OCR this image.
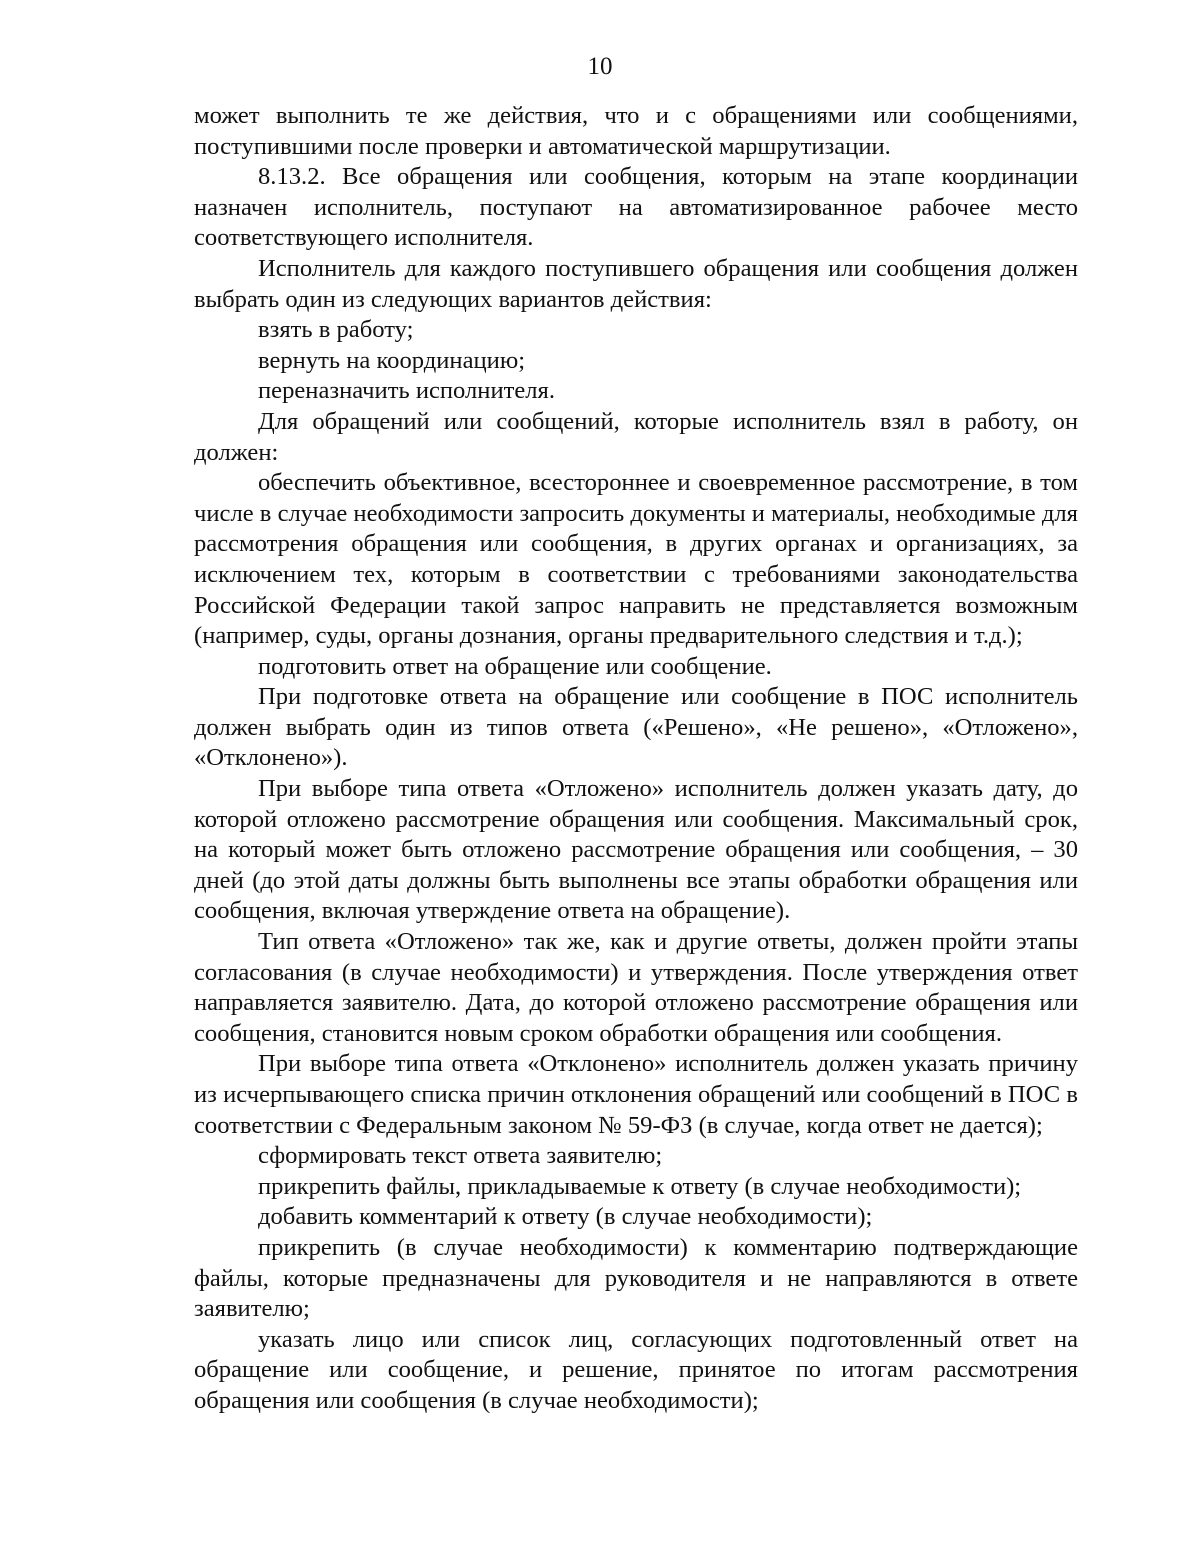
10

может выполнить те же действия, что и с обращениями или сообщениями, поступившими после проверки и автоматической маршрутизации.

8.13.2. Все обращения или сообщения, которым на этапе координации назначен исполнитель, поступают на автоматизированное рабочее место соответствующего исполнителя.

Исполнитель для каждого поступившего обращения или сообщения должен выбрать один из следующих вариантов действия:

взять в работу;

вернуть на координацию;

переназначить исполнителя.

Для обращений или сообщений, которые исполнитель взял в работу, он должен:

обеспечить объективное, всестороннее и своевременное рассмотрение, в том числе в случае необходимости запросить документы и материалы, необходимые для рассмотрения обращения или сообщения, в других органах и организациях, за исключением тех, которым в соответствии с требованиями законодательства Российской Федерации такой запрос направить не представляется возможным (например, суды, органы дознания, органы предварительного следствия и т.д.);

подготовить ответ на обращение или сообщение.

При подготовке ответа на обращение или сообщение в ПОС исполнитель должен выбрать один из типов ответа («Решено», «Не решено», «Отложено», «Отклонено»).

При выборе типа ответа «Отложено» исполнитель должен указать дату, до которой отложено рассмотрение обращения или сообщения. Максимальный срок, на который может быть отложено рассмотрение обращения или сообщения, – 30 дней (до этой даты должны быть выполнены все этапы обработки обращения или сообщения, включая утверждение ответа на обращение).

Тип ответа «Отложено» так же, как и другие ответы, должен пройти этапы согласования (в случае необходимости) и утверждения. После утверждения ответ направляется заявителю. Дата, до которой отложено рассмотрение обращения или сообщения, становится новым сроком обработки обращения или сообщения.

При выборе типа ответа «Отклонено» исполнитель должен указать причину из исчерпывающего списка причин отклонения обращений или сообщений в ПОС в соответствии с Федеральным законом № 59-ФЗ (в случае, когда ответ не дается);

сформировать текст ответа заявителю;

прикрепить файлы, прикладываемые к ответу (в случае необходимости);

добавить комментарий к ответу (в случае необходимости);

прикрепить (в случае необходимости) к комментарию подтверждающие файлы, которые предназначены для руководителя и не направляются в ответе заявителю;

указать лицо или список лиц, согласующих подготовленный ответ на обращение или сообщение, и решение, принятое по итогам рассмотрения обращения или сообщения (в случае необходимости);
